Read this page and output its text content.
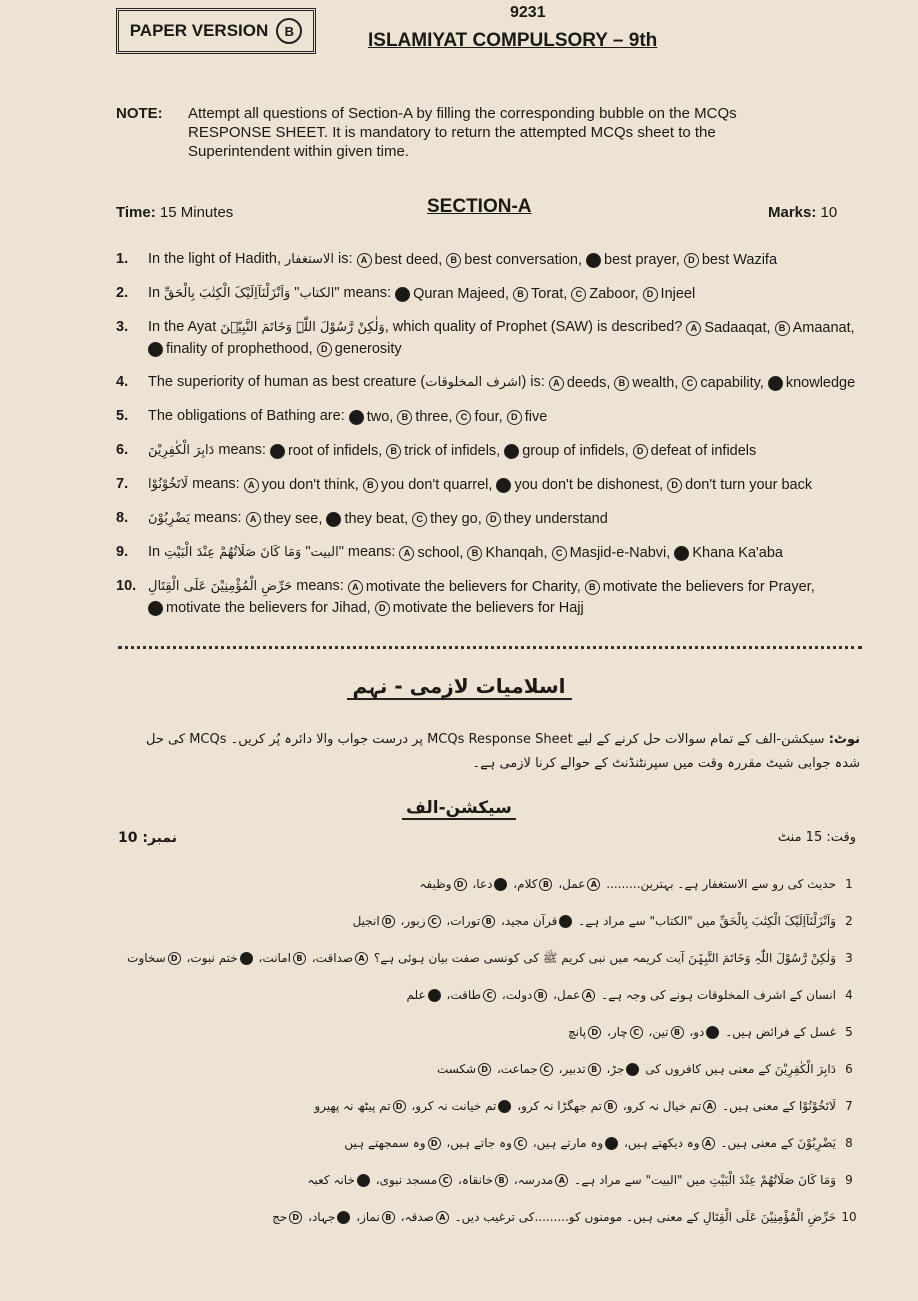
PAPER VERSION	B
9231
ISLAMIYAT COMPULSORY – 9th
NOTE:	Attempt all questions of Section-A by filling the corresponding bubble on the MCQs RESPONSE SHEET. It is mandatory to return the attempted MCQs sheet to the Superintendent within given time.
Time: 15 Minutes	SECTION-A	Marks: 10
1. In the light of Hadith, الاستغفار is: A best deed,
B best conversation,
C best prayer,
D best Wazifa
2. In وَاَنْزَلْنَآاِلَيْکَ الْکِتٰبَ بِالْحَقِّ "الکتاب" means: A Quran Majeed,
B Torat,
C Zaboor,
D Injeel
3. In the Ayat وَلٰکِنْ رَّسُوْلَ اللّٰہِ وَخَاتَمَ النَّبِیّٖنَ, which quality of Prophet (SAW) is described? A Sadaaqat,
B Amaanat,

C finality of prophethood,
D generosity
4. The superiority of human as best creature (اشرف المخلوقات) is: A deeds,
B wealth,
C capability,
D knowledge
5. The obligations of Bathing are: A two,
B three,
C four,
D five
6. دَابِرَ الْکٰفِرِیْنَ means: A root of infidels,
B trick of infidels,
C group of infidels,
D defeat of infidels
7. لَاتَخُوْنُوْا means: A you don't think,
B you don't quarrel,
C you don't be dishonest,
D don't turn your back
8. یَضْرِبُوْنَ means: A they see,
B they beat,
C they go,
D they understand
9. In وَمَا کَانَ صَلَاتُھُمْ عِنْدَ الْبَیْتِ "البیت" means: A school,
B Khanqah,
C Masjid-e-Nabvi,
D Khana Ka'aba
10. حَرِّضِ الْمُؤْمِنِیْنَ عَلَی الْقِتَالِ means: A motivate the believers for Charity,
B motivate the believers for Prayer,

C motivate the believers for Jihad,
D motivate the believers for Hajj
اسلامیات لازمی - نہم
نوٹ: سیکشن-الف کے تمام سوالات حل کرنے کے لیے MCQs Response Sheet پر درست جواب والا دائرہ پُر کریں۔ MCQs کی حل شدہ جوابی شیٹ مقررہ وقت میں سپرنٹنڈنٹ کے حوالے کرنا لازمی ہے۔
سیکشن-الف
وقت: 15 منٹ
نمبر: 10
1حدیث کی رو سے الاستغفار ہے۔ بہترین......... Aعمل، Bکلام، Cدعا، Dوظیفہ
2وَاَنْزَلْنَآاِلَیْکَ الْکِتٰبَ بِالْحَقِّ میں "الکتاب" سے مراد ہے۔ Aقرآن مجید، Bتورات، Cزبور، Dانجیل
3وَلٰکِنْ رَّسُوْلَ اللّٰہِ وَخَاتَمَ النَّبِیّٖنَ آیت کریمہ میں نبی کریم ﷺ کی کونسی صفت بیان ہوئی ہے؟ Aصداقت، Bامانت، Cختم نبوت، Dسخاوت
4انسان کے اشرف المخلوقات ہونے کی وجہ ہے۔ Aعمل، Bدولت، Cطاقت، Dعلم
5غسل کے فرائض ہیں۔ Aدو، Bتین، Cچار، Dپانچ
6دَابِرَ الْکٰفِرِیْنَ کے معنی ہیں کافروں کی Aجڑ، Bتدبیر، Cجماعت، Dشکست
7لَاتَخُوْنُوْا کے معنی ہیں۔ Aتم خیال نہ کرو، Bتم جھگڑا نہ کرو، Cتم خیانت نہ کرو، Dتم پیٹھ نہ پھیرو
8یَضْرِبُوْنَ کے معنی ہیں۔ Aوہ دیکھتے ہیں، Bوہ مارتے ہیں، Cوہ جاتے ہیں، Dوہ سمجھتے ہیں
9وَمَا کَانَ صَلَاتُھُمْ عِنْدَ الْبَیْتِ میں "البیت" سے مراد ہے۔ Aمدرسہ، Bخانقاہ، Cمسجد نبوی، Dخانہ کعبہ
10حَرِّضِ الْمُؤْمِنِیْنَ عَلَی الْقِتَالِ کے معنی ہیں۔ مومنوں کو.........کی ترغیب دیں۔ Aصدقہ، Bنماز، Cجہاد، Dحج
